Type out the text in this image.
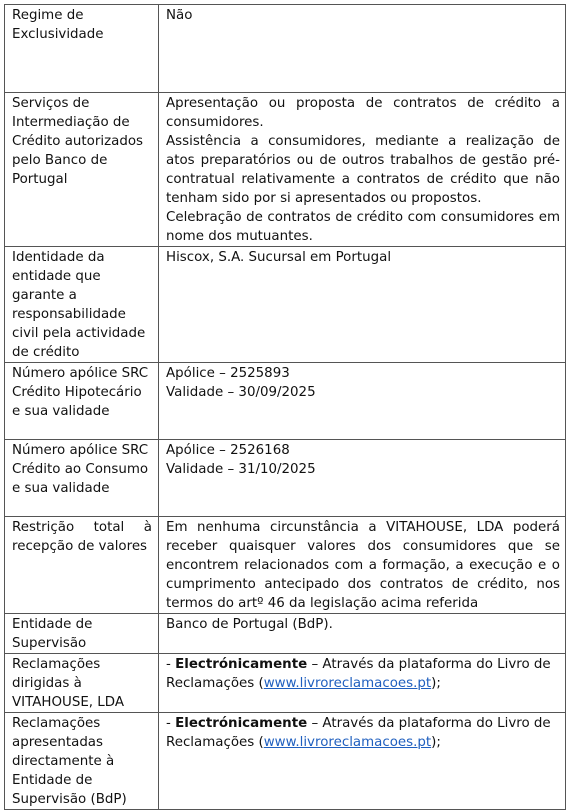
Regime de Exclusividade	Não
Serviços de Intermediação de Crédito autorizados pelo Banco de Portugal	Apresentação ou proposta de contratos de crédito a consumidores.

Assistência a consumidores, mediante a realização de atos preparatórios ou de outros trabalhos de gestão pré-contratual relativamente a contratos de crédito que não tenham sido por si apresentados ou propostos.

Celebração de contratos de crédito com consumidores em nome dos mutuantes.

Identidade da entidade que garante a responsabilidade civil pela actividade de crédito	Hiscox, S.A. Sucursal em Portugal
Número apólice SRC Crédito Hipotecário e sua validade	Apólice – 2525893

Validade – 30/09/2025

Número apólice SRC Crédito ao Consumo e sua validade	Apólice – 2526168

Validade – 31/10/2025

Restrição total à
recepção de valores	Em nenhuma circunstância a VITAHOUSE, LDA poderá receber quaisquer valores dos consumidores que se encontrem relacionados com a formação, a execução e o cumprimento antecipado dos contratos de crédito, nos termos do artº 46 da legislação acima referida
Entidade de Supervisão	Banco de Portugal (BdP).
Reclamações dirigidas à VITAHOUSE, LDA	- Electrónicamente – Através da plataforma do Livro de Reclamações (www.livroreclamacoes.pt);
Reclamações apresentadas directamente à Entidade de Supervisão (BdP)	- Electrónicamente – Através da plataforma do Livro de Reclamações (www.livroreclamacoes.pt);
